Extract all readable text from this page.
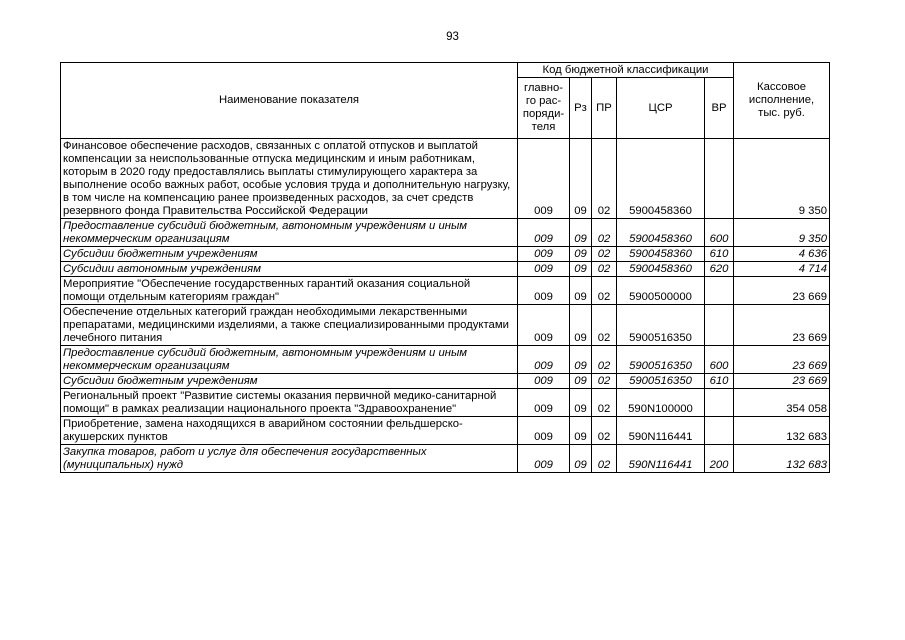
93
Наименование показателя	Код бюджетной классификации					Кассовое
исполнение,
тыс. руб.

	главно-
го рас-
поряди-
теля	Рз	ПР	ЦСР	ВР	
Финансовое обеспечение расходов, связанных с оплатой отпусков и выплатой компенсации за неиспользованные отпуска медицинским и иным работникам, которым в 2020 году предоставлялись выплаты стимулирующего характера за выполнение особо важных работ, особые условия труда и дополнительную нагрузку, в том числе на компенсацию ранее произведенных расходов, за счет средств резервного фонда Правительства Российской Федерации	009	09	02	5900458360		9 350
Предоставление субсидий бюджетным, автономным учреждениям и иным некоммерческим организациям	009	09	02	5900458360	600	9 350
Субсидии бюджетным учреждениям	009	09	02	5900458360	610	4 636
Субсидии автономным учреждениям	009	09	02	5900458360	620	4 714
Мероприятие "Обеспечение государственных гарантий оказания социальной помощи отдельным категориям граждан"	009	09	02	5900500000		23 669
Обеспечение отдельных категорий граждан необходимыми лекарственными препаратами, медицинскими изделиями, а также специализированными продуктами лечебного питания	009	09	02	5900516350		23 669
Предоставление субсидий бюджетным, автономным учреждениям и иным некоммерческим организациям	009	09	02	5900516350	600	23 669
Субсидии бюджетным учреждениям	009	09	02	5900516350	610	23 669
Региональный проект "Развитие системы оказания первичной медико-санитарной помощи" в рамках реализации национального проекта "Здравоохранение"	009	09	02	590N100000		354 058
Приобретение, замена находящихся в аварийном состоянии фельдшерско-акушерских пунктов	009	09	02	590N116441		132 683
Закупка товаров, работ и услуг для обеспечения государственных (муниципальных) нужд	009	09	02	590N116441	200	132 683
